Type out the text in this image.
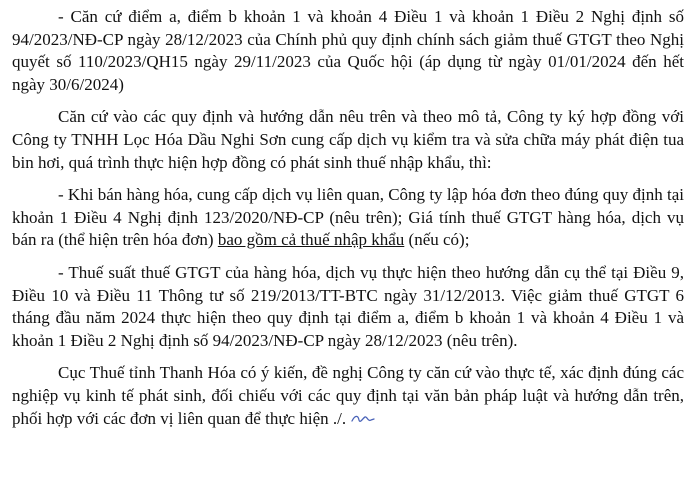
- Căn cứ điểm a, điểm b khoản 1 và khoản 4 Điều 1 và khoản 1 Điều 2 Nghị định số 94/2023/NĐ-CP ngày 28/12/2023 của Chính phủ quy định chính sách giảm thuế GTGT theo Nghị quyết số 110/2023/QH15 ngày 29/11/2023 của Quốc hội (áp dụng từ ngày 01/01/2024 đến hết ngày 30/6/2024)

Căn cứ vào các quy định và hướng dẫn nêu trên và theo mô tả, Công ty ký hợp đồng với Công ty TNHH Lọc Hóa Dầu Nghi Sơn cung cấp dịch vụ kiểm tra và sửa chữa máy phát điện tua bin hơi, quá trình thực hiện hợp đồng có phát sinh thuế nhập khẩu, thì:

- Khi bán hàng hóa, cung cấp dịch vụ liên quan, Công ty lập hóa đơn theo đúng quy định tại khoản 1 Điều 4 Nghị định 123/2020/NĐ-CP (nêu trên); Giá tính thuế GTGT hàng hóa, dịch vụ bán ra (thể hiện trên hóa đơn) bao gồm cả thuế nhập khẩu (nếu có);

- Thuế suất thuế GTGT của hàng hóa, dịch vụ thực hiện theo hướng dẫn cụ thể tại Điều 9, Điều 10 và Điều 11 Thông tư số 219/2013/TT-BTC ngày 31/12/2013. Việc giảm thuế GTGT 6 tháng đầu năm 2024 thực hiện theo quy định tại điểm a, điểm b khoản 1 và khoản 4 Điều 1 và khoản 1 Điều 2 Nghị định số 94/2023/NĐ-CP ngày 28/12/2023 (nêu trên).

Cục Thuế tỉnh Thanh Hóa có ý kiến, đề nghị Công ty căn cứ vào thực tế, xác định đúng các nghiệp vụ kinh tế phát sinh, đối chiếu với các quy định tại văn bản pháp luật và hướng dẫn trên, phối hợp với các đơn vị liên quan để thực hiện ./.
